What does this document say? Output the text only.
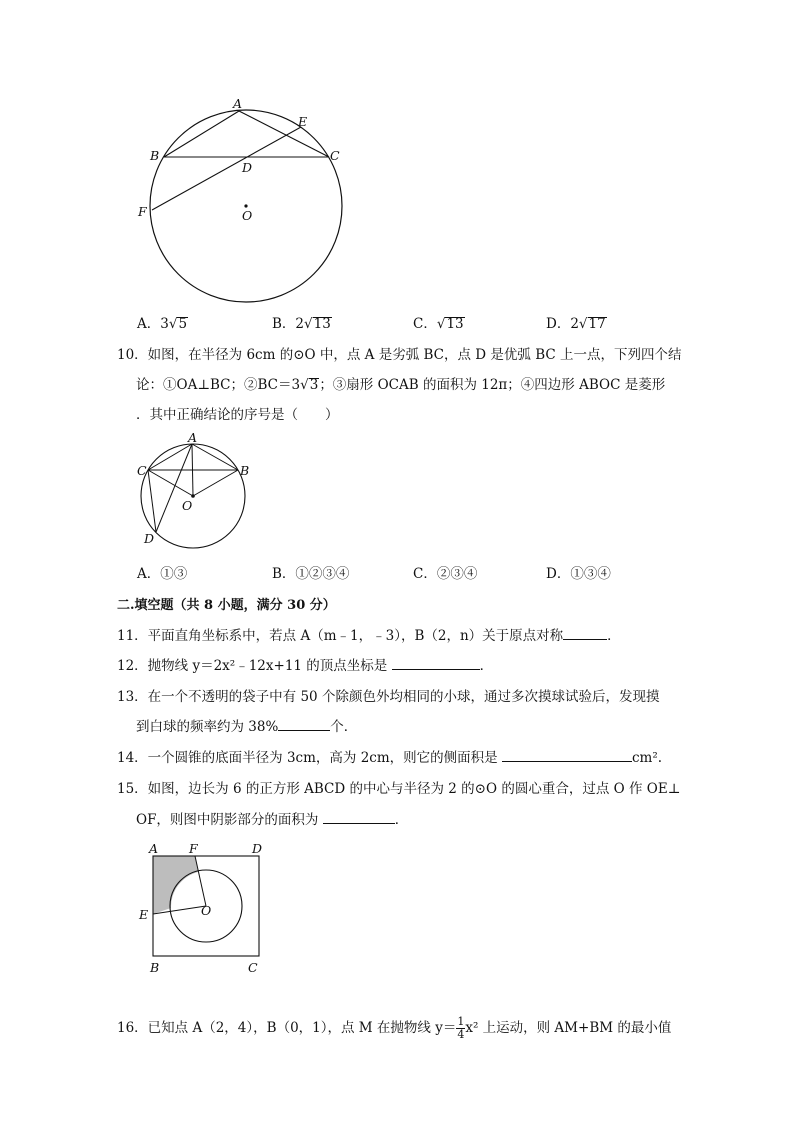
A
B	C
D
E
F	O
A．3√5	B．2√13	C．√13	D．2√17
10．如图，在半径为 6cm 的⊙O 中，点 A 是劣弧 BC，点 D 是优弧 BC 上一点，下列四个结
论：①OA⊥BC；②BC＝3√3；③扇形 OCAB 的面积为 12π；④四边形 ABOC 是菱形
．其中正确结论的序号是（　　）
A
C	B
O
D
A．①③	B．①②③④	C．②③④	D．①③④
二.填空题（共 8 小题，满分 30 分）
11．平面直角坐标系中，若点 A（m﹣1，﹣3），B（2，n）关于原点对称	．
12．抛物线 y＝2x²﹣12x+11 的顶点坐标是	．
13．在一个不透明的袋子中有 50 个除颜色外均相同的小球，通过多次摸球试验后，发现摸
到白球的频率约为 38%	个．
14．一个圆锥的底面半径为 3cm，高为 2cm，则它的侧面积是	cm².
15．如图，边长为 6 的正方形 ABCD 的中心与半径为 2 的⊙O 的圆心重合，过点 O 作 OE⊥
OF，则图中阴影部分的面积为	．
A F	D
E	O
B	C
16．已知点 A（2，4），B（0，1），点 M 在抛物线 $y= \frac{1}{4} x^2$ 上运动，则 AM+BM 的最小值
